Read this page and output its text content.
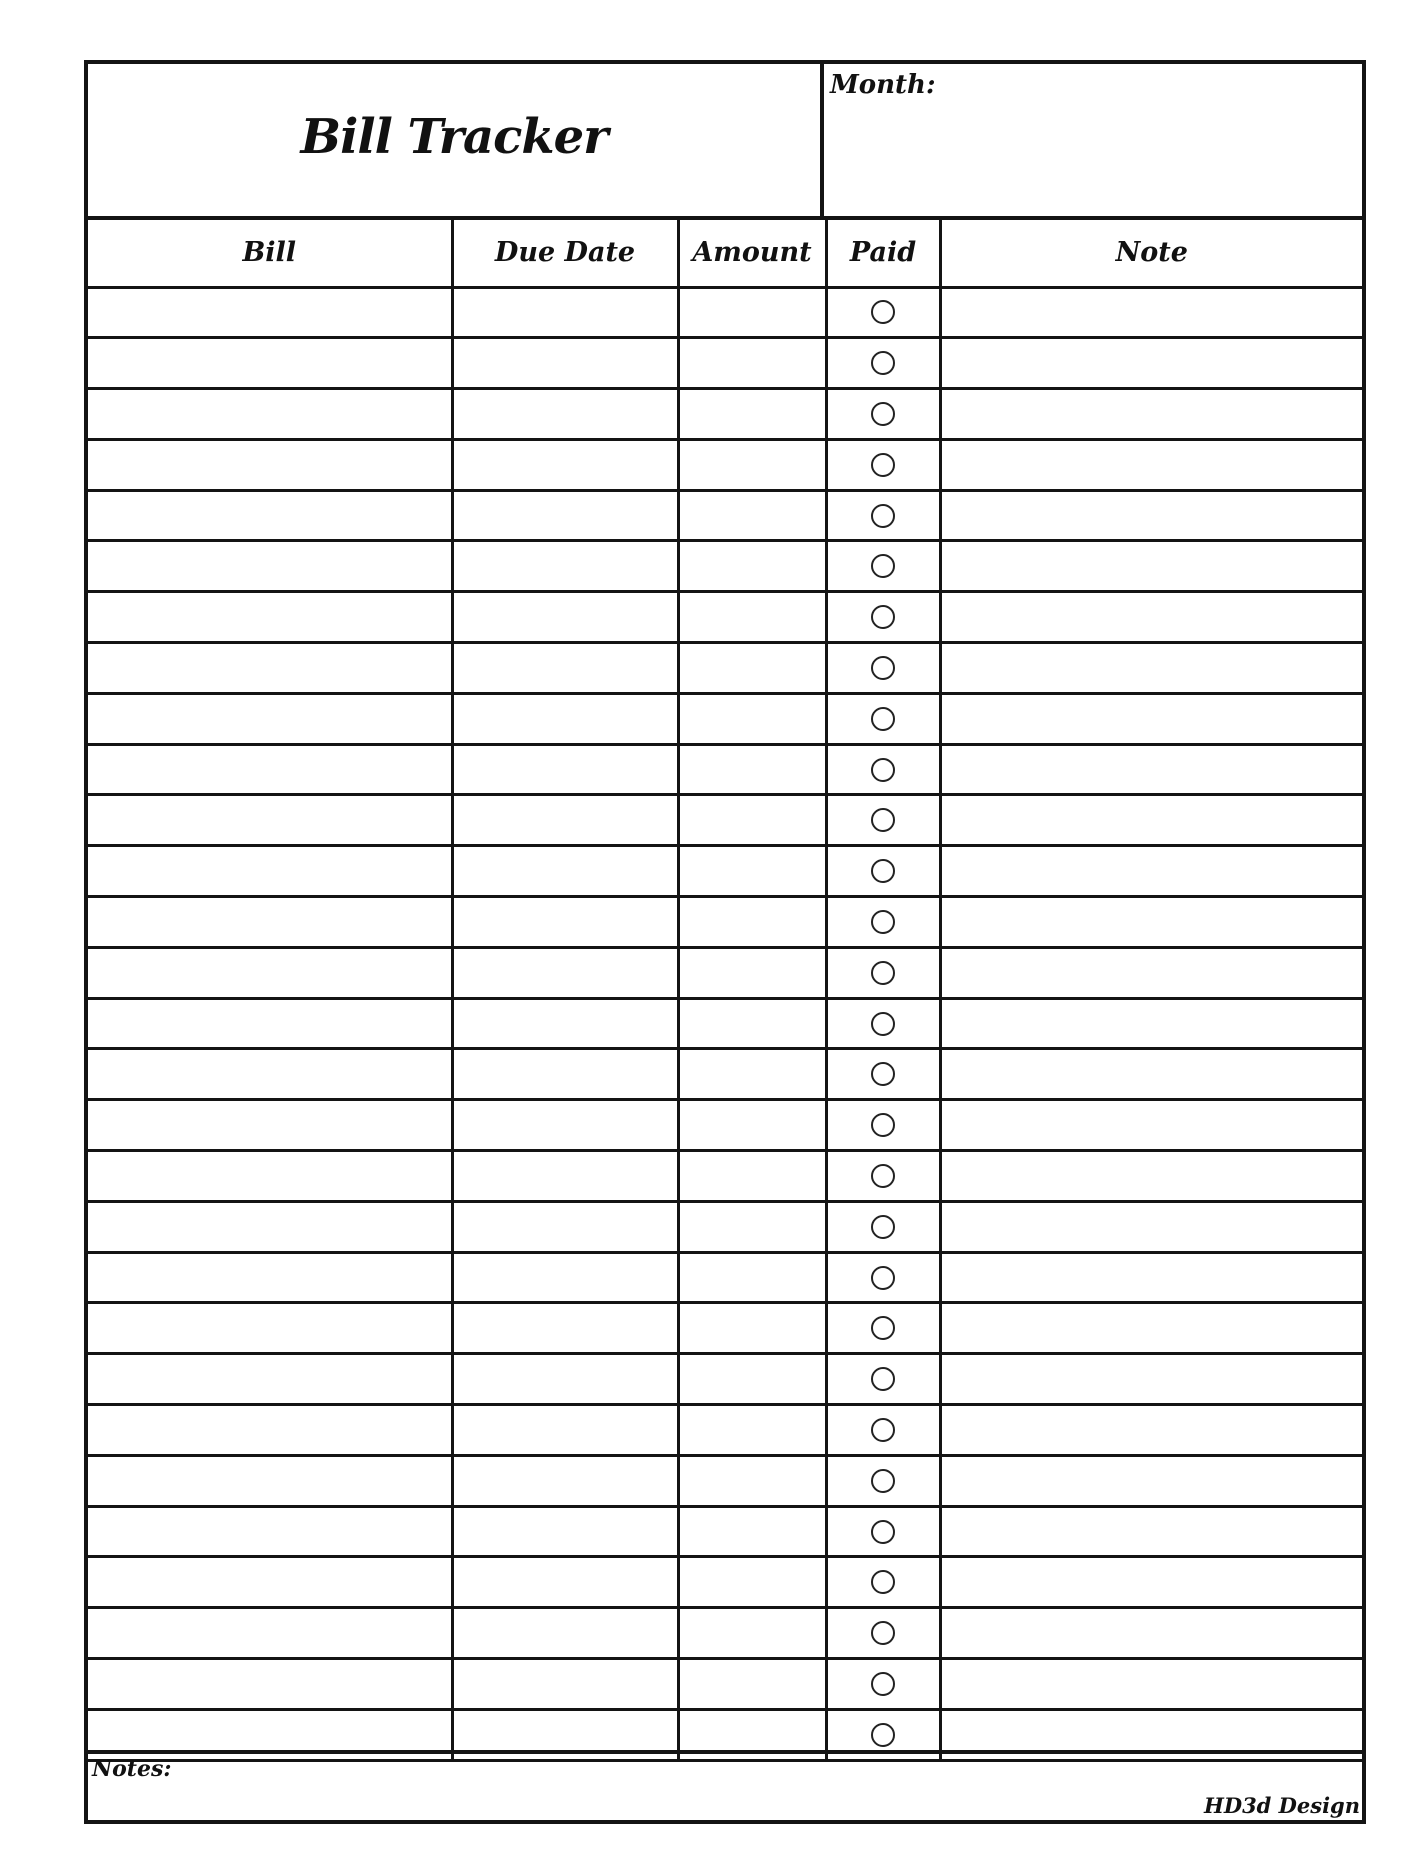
Bill Tracker
Month:
Bill	Due Date	Amount	Paid	Note

Notes:
HD3d Design
